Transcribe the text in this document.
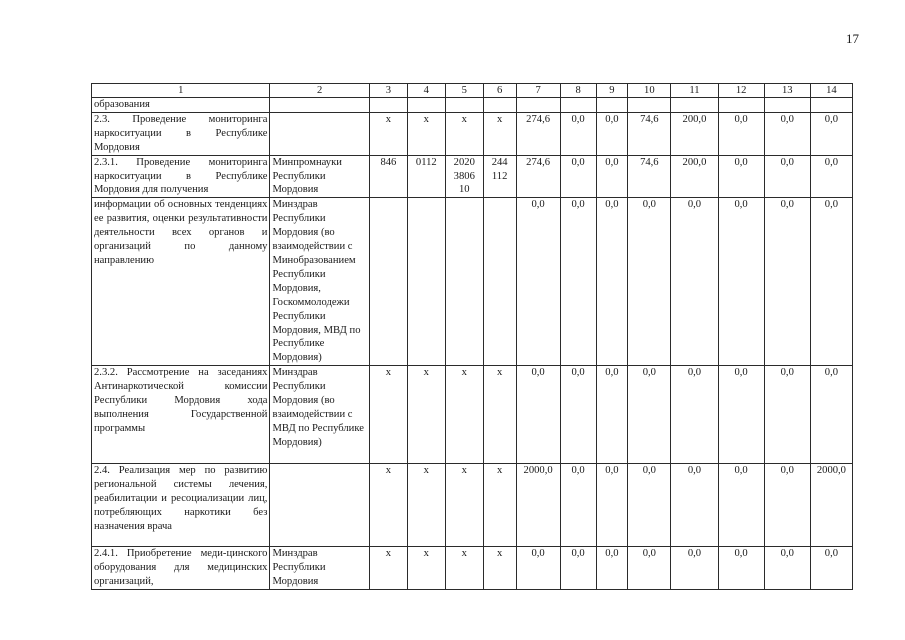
17
1	2	3	4	5	6	7	8	9	10	11	12	13	14
образования													
2.3. Проведение мониторинга наркоситуации в Республике Мордовия		x	x	x	x	274,6	0,0	0,0	74,6	200,0	0,0	0,0	0,0
2.3.1. Проведение мониторинга наркоситуации в Республике Мордовия для получения	Минпромнауки Республики Мордовия	846	0112	2020 3806 10	244 112	274,6	0,0	0,0	74,6	200,0	0,0	0,0	0,0
информации об основных тенденциях ее развития, оценки результативности деятельности всех органов и организаций по данному направлению	Минздрав Республики Мордовия (во взаимодействии с Минобразованием Республики Мордовия, Госкоммолодежи Республики Мордовия, МВД по Республике Мордовия)					0,0	0,0	0,0	0,0	0,0	0,0	0,0	0,0
2.3.2. Рассмотрение на заседаниях Антинаркотической комиссии Республики Мордовия хода выполнения Государственной программы	Минздрав Республики Мордовия (во взаимодействии с МВД по Республике Мордовия)	x	x	x	x	0,0	0,0	0,0	0,0	0,0	0,0	0,0	0,0
2.4. Реализация мер по развитию региональной системы лечения, реабилитации и ресоциализации лиц, потребляющих наркотики без назначения врача		x	x	x	x	2000,0	0,0	0,0	0,0	0,0	0,0	0,0	2000,0
2.4.1. Приобретение меди-цинского оборудования для медицинских организаций,	Минздрав Республики Мордовия	x	x	x	x	0,0	0,0	0,0	0,0	0,0	0,0	0,0	0,0
